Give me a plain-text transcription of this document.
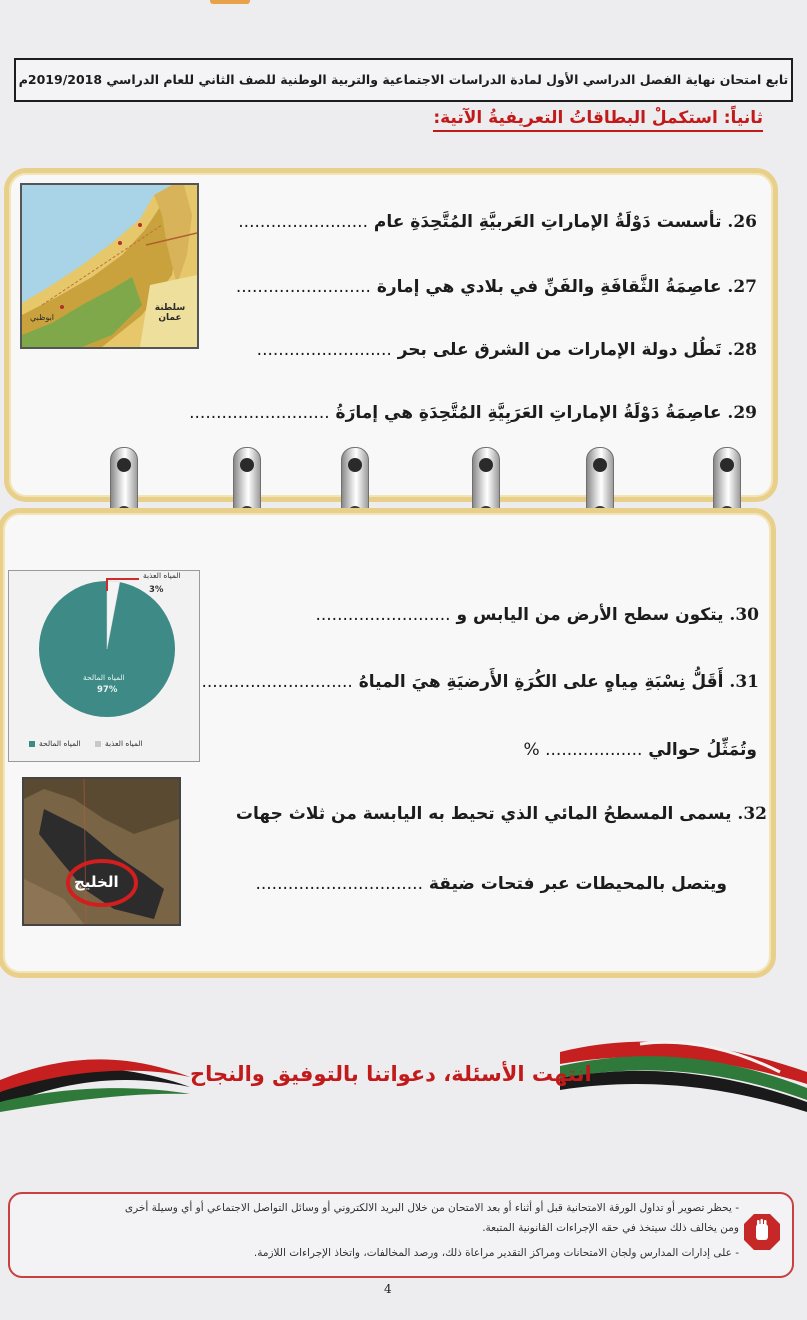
تابع امتحان نهاية الفصل الدراسي الأول لمادة الدراسات الاجتماعية والتربية الوطنية للصف الثاني للعام الدراسي 2019/2018م
ثانياً: استكملْ البطاقاتُ التعريفيةُ الآتية:
سلطنة عمان
ابوظبي
26. تأسست دَوْلَةُ الإماراتِ العَربيَّةِ المُتَّحِدَةِ عام ........................
27. عاصِمَةُ الثَّقافَةِ والفَنِّ في بلادي هي إمارة .........................
28. تَطُل دولة الإمارات من الشرق على بحر .........................
29. عاصِمَةُ دَوْلَةُ الإماراتِ العَرَبِيَّةِ المُتَّحِدَةِ هي إمارَةُ ..........................
المياه العذبة
3%
المياه المالحة
97%
المياه المالحة	المياه العذبة
الخليج
30. يتكون سطح الأرض من اليابس و .........................
31. أَقَلُّ نِسْبَةِ مِياهٍ على الكُرَةِ الأَرضيَةِ هيَ المياهُ ............................
وتُمَثِّلُ حوالي .................. %
32. يسمى المسطحُ المائي الذي تحيط به اليابسة من ثلاث جهات
ويتصل بالمحيطات عبر فتحات ضيقة ...............................
انتهت الأسئلة، دعواتنا بالتوفيق والنجاح
- يحظر تصوير أو تداول الورقة الامتحانية قبل أو أثناء أو بعد الامتحان من خلال البريد الالكتروني أو وسائل التواصل الاجتماعي أو أي وسيلة أخرى
ومن يخالف ذلك سيتخذ في حقه الإجراءات القانونية المتبعة.
- على إدارات المدارس ولجان الامتحانات ومراكز التقدير مراعاة ذلك، ورصد المخالفات، واتخاذ الإجراءات اللازمة.
4
